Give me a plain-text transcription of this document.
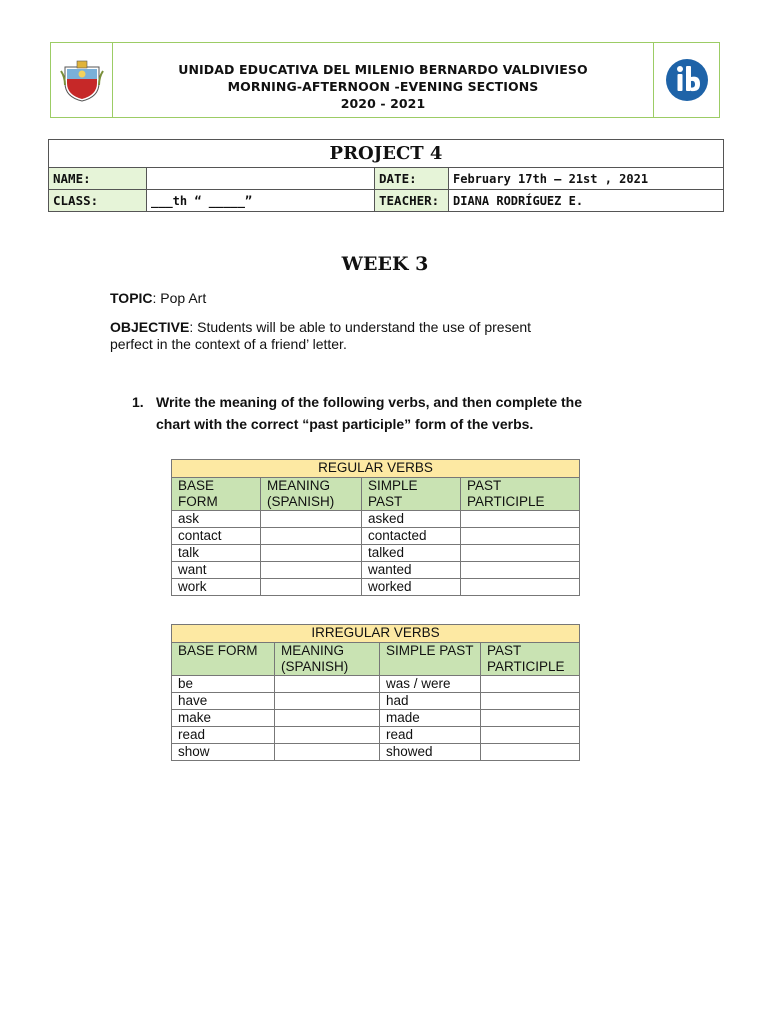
UNIDAD EDUCATIVA DEL MILENIO BERNARDO VALDIVIESO
MORNING-AFTERNOON -EVENING SECTIONS
2020 - 2021
PROJECT 4			
NAME:		DATE:	February 17th – 21st , 2021
CLASS:	___th “ _____”	TEACHER:	DIANA RODRÍGUEZ E.
WEEK 3
TOPIC: Pop Art
OBJECTIVE: Students will be able to understand the use of present
perfect in the context of a friend’ letter.
1. Write the meaning of the following verbs, and then complete the
chart with the correct “past participle” form of the verbs.
REGULAR VERBS			
BASE FORM	MEANING (SPANISH)	SIMPLE PAST	PAST PARTICIPLE
ask		asked	
contact		contacted	
talk		talked	
want		wanted	
work		worked	
IRREGULAR VERBS			
BASE FORM	MEANING (SPANISH)	SIMPLE PAST	PAST PARTICIPLE
be		was / were	
have		had	
make		made	
read		read	
show		showed	
